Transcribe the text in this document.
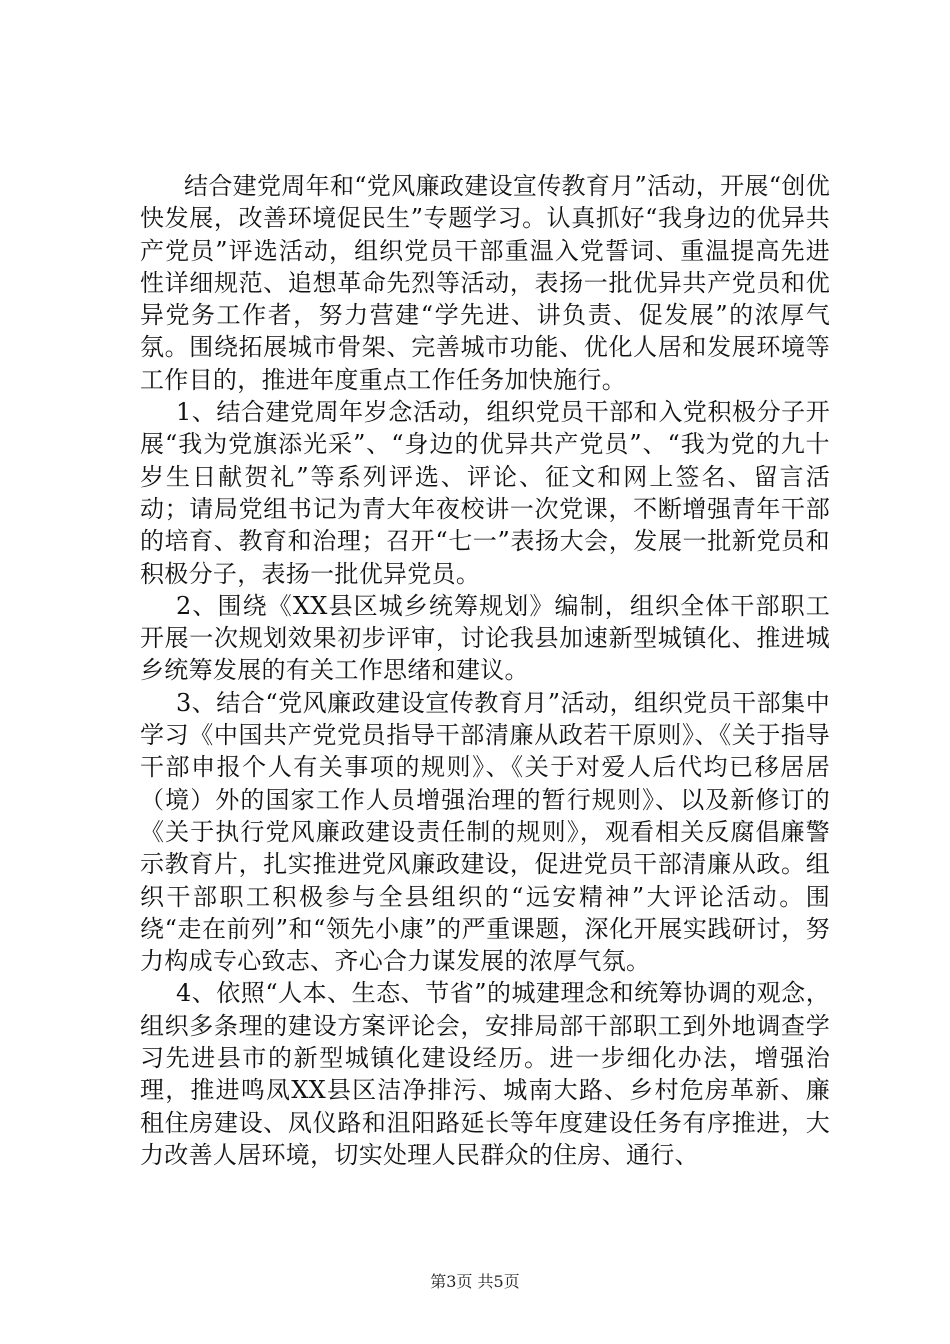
结合建党周年和“党风廉政建设宣传教育月”活动，开展“创优快发展，改善环境促民生”专题学习。认真抓好“我身边的优异共产党员”评选活动，组织党员干部重温入党誓词、重温提高先进性详细规范、追想革命先烈等活动，表扬一批优异共产党员和优异党务工作者，努力营建“学先进、讲负责、促发展”的浓厚气氛。围绕拓展城市骨架、完善城市功能、优化人居和发展环境等工作目的，推进年度重点工作任务加快施行。

1、结合建党周年岁念活动，组织党员干部和入党积极分子开展“我为党旗添光采”、“身边的优异共产党员”、“我为党的九十岁生日献贺礼”等系列评选、评论、征文和网上签名、留言活动；请局党组书记为青大年夜校讲一次党课，不断增强青年干部的培育、教育和治理；召开“七一”表扬大会，发展一批新党员和积极分子，表扬一批优异党员。

2、围绕《XX县区城乡统筹规划》编制，组织全体干部职工开展一次规划效果初步评审，讨论我县加速新型城镇化、推进城乡统筹发展的有关工作思绪和建议。

3、结合“党风廉政建设宣传教育月”活动，组织党员干部集中学习《中国共产党党员指导干部清廉从政若干原则》、《关于指导干部申报个人有关事项的规则》、《关于对爱人后代均已移居居（境）外的国家工作人员增强治理的暂行规则》、以及新修订的《关于执行党风廉政建设责任制的规则》，观看相关反腐倡廉警示教育片，扎实推进党风廉政建设，促进党员干部清廉从政。组织干部职工积极参与全县组织的“远安精神”大评论活动。围绕“走在前列”和“领先小康”的严重课题，深化开展实践研讨，努力构成专心致志、齐心合力谋发展的浓厚气氛。

4、依照“人本、生态、节省”的城建理念和统筹协调的观念，组织多条理的建设方案评论会，安排局部干部职工到外地调查学习先进县市的新型城镇化建设经历。进一步细化办法，增强治理，推进鸣凤XX县区洁净排污、城南大路、乡村危房革新、廉租住房建设、凤仪路和沮阳路延长等年度建设任务有序推进，大力改善人居环境，切实处理人民群众的住房、通行、

第3页 共5页
